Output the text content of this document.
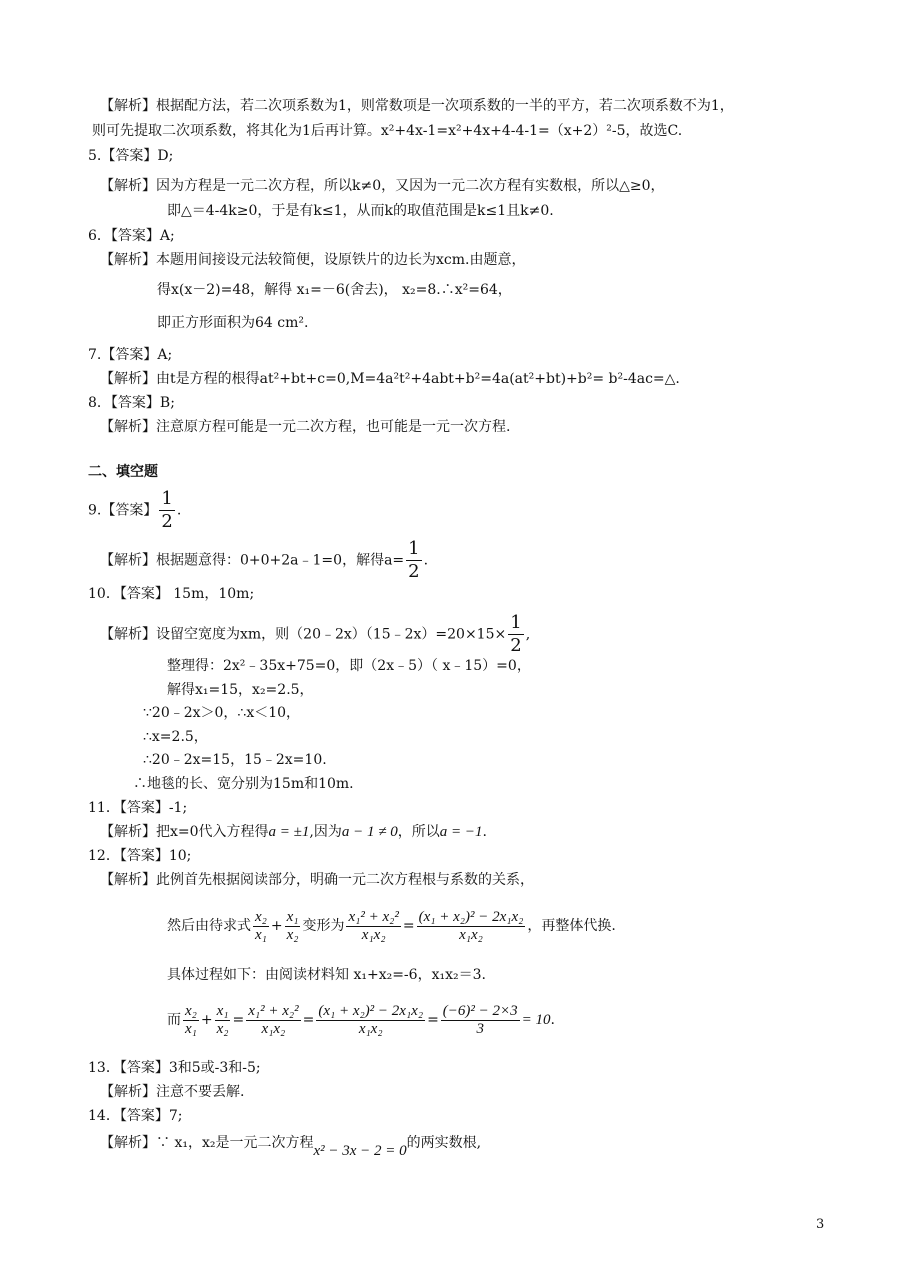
【解析】根据配方法，若二次项系数为1，则常数项是一次项系数的一半的平方，若二次项系数不为1，
则可先提取二次项系数，将其化为1后再计算。x²+4x-1=x²+4x+4-4-1=（x+2）²-5，故选C.
5.【答案】D;
【解析】因为方程是一元二次方程，所以k≠0，又因为一元二次方程有实数根，所以△≥0，
即△＝4-4k≥0，于是有k≤1，从而k的取值范围是k≤1且k≠0.
6．【答案】A;
【解析】本题用间接设元法较简便，设原铁片的边长为xcm.由题意，
得x(x－2)=48，解得 x₁=－6(舍去)， x₂=8.∴x²=64，
即正方形面积为64 cm².
7.【答案】A;
【解析】由t是方程的根得at²+bt+c=0,M=4a²t²+4abt+b²=4a(at²+bt)+b²= b²-4ac=△.
8．【答案】B;
【解析】注意原方程可能是一元二次方程，也可能是一元一次方程.
二、填空题
9.【答案】 $\frac{1}{2}$ .
【解析】根据题意得：0+0+2a﹣1=0，解得$a= \frac{1}{2}$ .
10．【答案】 15m，10m;
【解析】设留空宽度为xm，则（20﹣2x）（15﹣2x）=20×15× $\frac{1}{2}$ ,
整理得：2x²﹣35x+75=0，即（2x﹣5）（ x﹣15）=0，
解得x₁=15，x₂=2.5，
∵20﹣2x＞0，∴x＜10，
∴x=2.5，
∴20﹣2x=15，15﹣2x=10.
∴地毯的长、宽分别为15m和10m.
11．【答案】-1;
【解析】把x=0代入方程得a = ±1,因为a − 1 ≠ 0，所以a = −1.
12．【答案】10;
【解析】此例首先根据阅读部分，明确一元二次方程根与系数的关系，
然后由待求式 $\frac{\text{x₂}}{\text{x₁}} + \frac{\text{x₁}}{\text{x₂}}$ 变形为 $\frac{\text{x₁² + x₂²}}{\text{x₁x₂}} = \frac{\text{(x₁ + x₂)² − 2x₁x₂}}{\text{x₁x₂}}$ ，再整体代换.
具体过程如下：由阅读材料知 x₁+x₂=-6，x₁x₂＝3.
而 $\frac{\text{x₂}}{\text{x₁}} + \frac{\text{x₁}}{\text{x₂}} = \frac{\text{x₁² + x₂²}}{\text{x₁x₂}} = \frac{\text{(x₁ + x₂)² − 2x₁x₂}}{\text{x₁x₂}} = \frac{\text{(−6)² − 2×3}}{3} = 10$.
13．【答案】3和5或-3和-5;
【解析】注意不要丢解.
14．【答案】7;
【解析】∵ x₁，x₂是一元二次方程x² − 3x − 2 = 0的两实数根,
3
